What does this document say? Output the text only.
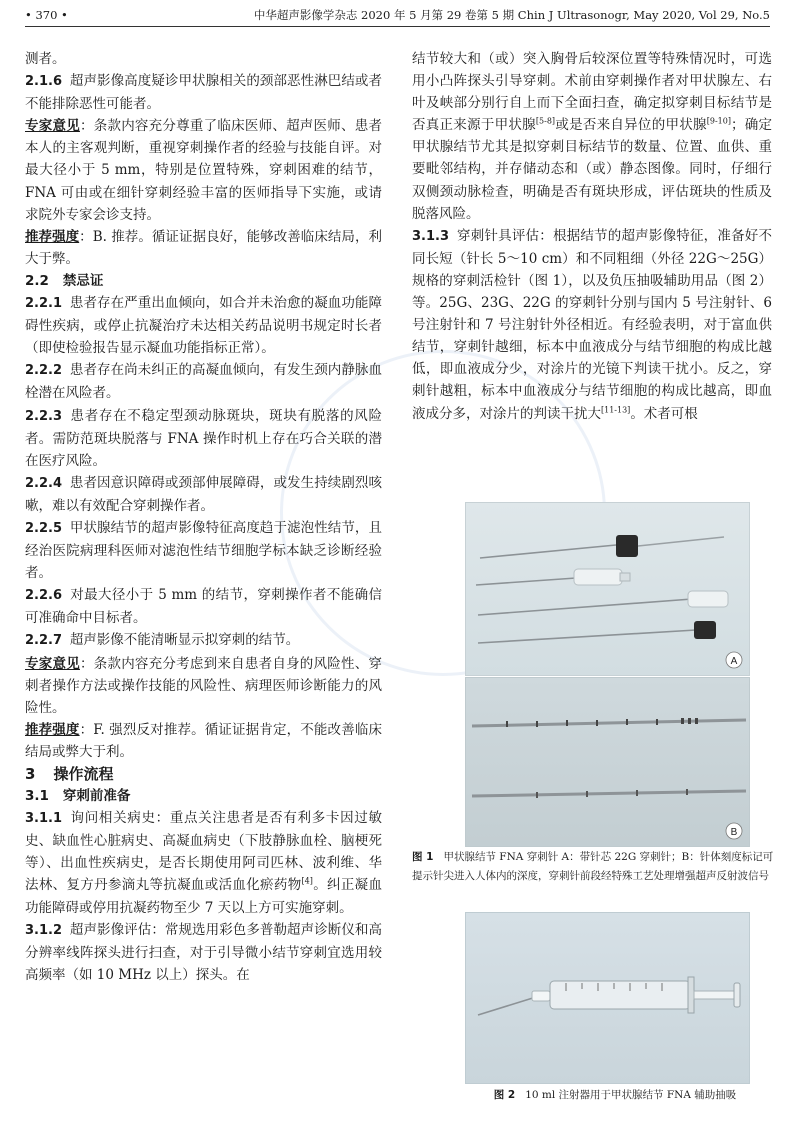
• 370 •	中华超声影像学杂志 2020 年 5 月第 29 卷第 5 期 Chin J Ultrasonogr, May 2020, Vol 29, No.5

测者。

2.1.6 超声影像高度疑诊甲状腺相关的颈部恶性淋巴结或者不能排除恶性可能者。

专家意见：条款内容充分尊重了临床医师、超声医师、患者本人的主客观判断，重视穿刺操作者的经验与技能自评。对最大径小于 5 mm，特别是位置特殊，穿刺困难的结节，FNA 可由或在细针穿刺经验丰富的医师指导下实施，或请求院外专家会诊支持。

推荐强度：B. 推荐。循证证据良好，能够改善临床结局，利大于弊。

2.2 禁忌证

2.2.1 患者存在严重出血倾向，如合并未治愈的凝血功能障碍性疾病，或停止抗凝治疗未达相关药品说明书规定时长者（即使检验报告显示凝血功能指标正常）。

2.2.2 患者存在尚未纠正的高凝血倾向，有发生颈内静脉血栓潜在风险者。

2.2.3 患者存在不稳定型颈动脉斑块，斑块有脱落的风险者。需防范斑块脱落与 FNA 操作时机上存在巧合关联的潜在医疗风险。

2.2.4 患者因意识障碍或颈部伸展障碍，或发生持续剧烈咳嗽，难以有效配合穿刺操作者。

2.2.5 甲状腺结节的超声影像特征高度趋于滤泡性结节，且经治医院病理科医师对滤泡性结节细胞学标本缺乏诊断经验者。

2.2.6 对最大径小于 5 mm 的结节，穿刺操作者不能确信可准确命中目标者。

2.2.7 超声影像不能清晰显示拟穿刺的结节。

专家意见：条款内容充分考虑到来自患者自身的风险性、穿刺者操作方法或操作技能的风险性、病理医师诊断能力的风险性。

推荐强度：F. 强烈反对推荐。循证证据肯定，不能改善临床结局或弊大于利。

3 操作流程

3.1 穿刺前准备

3.1.1 询问相关病史：重点关注患者是否有利多卡因过敏史、缺血性心脏病史、高凝血病史（下肢静脉血栓、脑梗死等）、出血性疾病史，是否长期使用阿司匹林、波利维、华法林、复方丹参滴丸等抗凝血或活血化瘀药物[4]。纠正凝血功能障碍或停用抗凝药物至少 7 天以上方可实施穿刺。

3.1.2 超声影像评估：常规选用彩色多普勒超声诊断仪和高分辨率线阵探头进行扫查，对于引导微小结节穿刺宜选用较高频率（如 10 MHz 以上）探头。在

结节较大和（或）突入胸骨后较深位置等特殊情况时，可选用小凸阵探头引导穿刺。术前由穿刺操作者对甲状腺左、右叶及峡部分别行自上而下全面扫查，确定拟穿刺目标结节是否真正来源于甲状腺[5-8]或是否来自异位的甲状腺[9-10]；确定甲状腺结节尤其是拟穿刺目标结节的数量、位置、血供、重要毗邻结构，并存储动态和（或）静态图像。同时，仔细行双侧颈动脉检查，明确是否有斑块形成，评估斑块的性质及脱落风险。

3.1.3 穿刺针具评估：根据结节的超声影像特征，准备好不同长短（针长 5～10 cm）和不同粗细（外径 22G～25G）规格的穿刺活检针（图 1），以及负压抽吸辅助用品（图 2）等。25G、23G、22G 的穿刺针分别与国内 5 号注射针、6 号注射针和 7 号注射针外径相近。有经验表明，对于富血供结节，穿刺针越细，标本中血液成分与结节细胞的构成比越低，即血液成分少，对涂片的光镜下判读干扰小。反之，穿刺针越粗，标本中血液成分与结节细胞的构成比越高，即血液成分多，对涂片的判读干扰大[11-13]。术者可根

A
B
图 1 甲状腺结节 FNA 穿刺针 A：带针芯 22G 穿刺针；B：针体刻度标记可提示针尖进入人体内的深度，穿刺针前段经特殊工艺处理增强超声反射波信号
图 2 10 ml 注射器用于甲状腺结节 FNA 辅助抽吸
